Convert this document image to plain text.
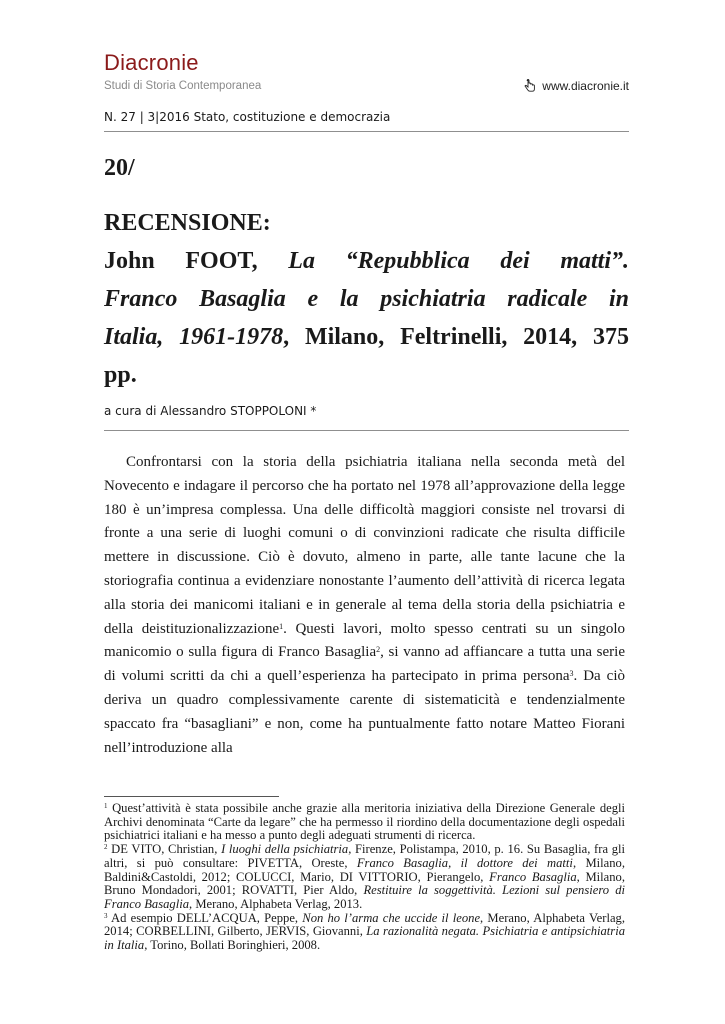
Diacronie
Studi di Storia Contemporanea	www.diacronie.it
N. 27 | 3|2016 Stato, costituzione e democrazia
20/
RECENSIONE:
John FOOT, La “Repubblica dei matti”.
Franco Basaglia e la psichiatria radicale in
Italia, 1961-1978, Milano, Feltrinelli, 2014, 375
pp.
a cura di Alessandro STOPPOLONI *

Confrontarsi con la storia della psichiatria italiana nella seconda metà del Novecento e indagare il percorso che ha portato nel 1978 all’approvazione della legge 180 è un’impresa complessa. Una delle difficoltà maggiori consiste nel trovarsi di fronte a una serie di luoghi comuni o di convinzioni radicate che risulta difficile mettere in discussione. Ciò è dovuto, almeno in parte, alle tante lacune che la storiografia continua a evidenziare nonostante l’aumento dell’attività di ricerca legata alla storia dei manicomi italiani e in generale al tema della storia della psichiatria e della deistituzionalizzazione$^1$. Questi lavori, molto spesso centrati su un singolo manicomio o sulla figura di Franco Basaglia$^2$, si vanno ad affiancare a tutta una serie di volumi scritti da chi a quell’esperienza ha partecipato in prima persona$^3$. Da ciò deriva un quadro complessivamente carente di sistematicità e tendenzialmente spaccato fra “basagliani” e non, come ha puntualmente fatto notare Matteo Fiorani nell’introduzione alla

$^1$ Quest’attività è stata possibile anche grazie alla meritoria iniziativa della Direzione Generale degli Archivi denominata “Carte da legare” che ha permesso il riordino della documentazione degli ospedali psichiatrici italiani e ha messo a punto degli adeguati strumenti di ricerca.

$^2$ DE VITO, Christian, I luoghi della psichiatria, Firenze, Polistampa, 2010, p. 16. Su Basaglia, fra gli altri, si può consultare: PIVETTA, Oreste, Franco Basaglia, il dottore dei matti, Milano, Baldini&Castoldi, 2012; COLUCCI, Mario, DI VITTORIO, Pierangelo, Franco Basaglia, Milano, Bruno Mondadori, 2001; ROVATTI, Pier Aldo, Restituire la soggettività. Lezioni sul pensiero di Franco Basaglia, Merano, Alphabeta Verlag, 2013.

$^3$ Ad esempio DELL’ACQUA, Peppe, Non ho l’arma che uccide il leone, Merano, Alphabeta Verlag, 2014; CORBELLINI, Gilberto, JERVIS, Giovanni, La razionalità negata. Psichiatria e antipsichiatria in Italia, Torino, Bollati Boringhieri, 2008.
